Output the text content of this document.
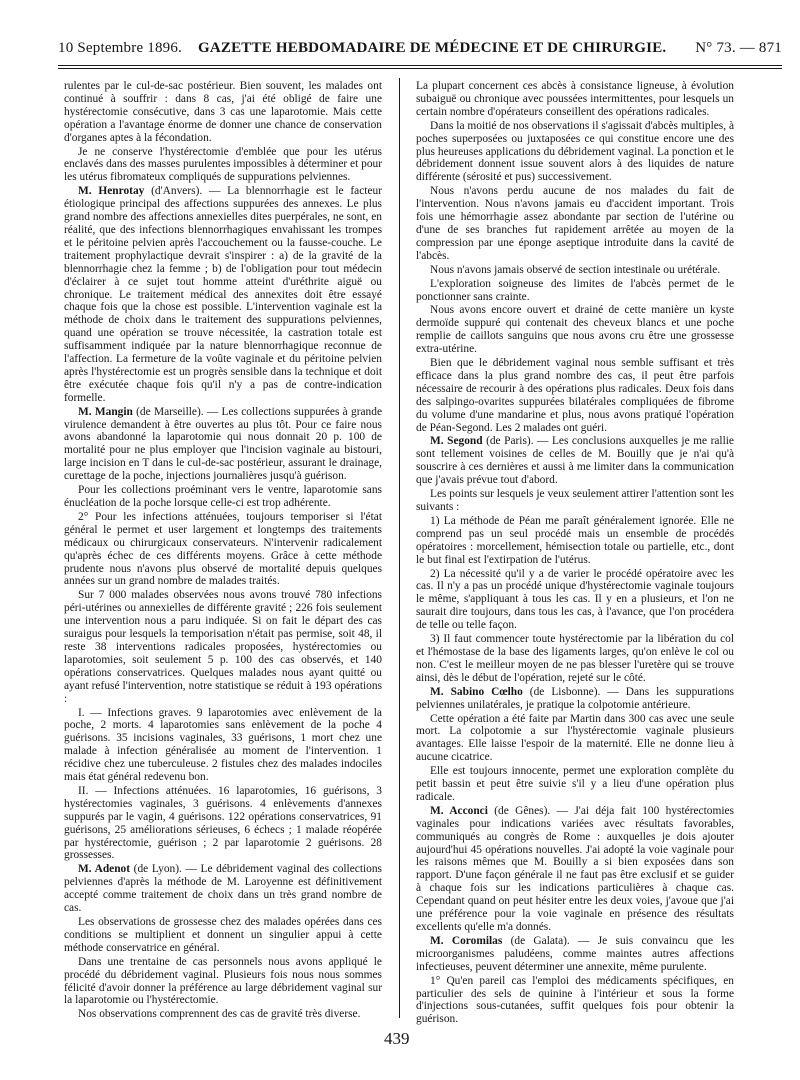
10 Septembre 1896. GAZETTE HEBDOMADAIRE DE MÉDECINE ET DE CHIRURGIE. N° 73. — 871

rulentes par le cul-de-sac postérieur. Bien souvent, les malades ont continué à souffrir : dans 8 cas, j'ai été obligé de faire une hystérectomie consécutive, dans 3 cas une laparotomie. Mais cette opération a l'avantage énorme de donner une chance de conservation d'organes aptes à la fécondation.

Je ne conserve l'hystérectomie d'emblée que pour les utérus enclavés dans des masses purulentes impossibles à déterminer et pour les utérus fibromateux compliqués de suppurations pelviennes.

M. Henrotay (d'Anvers). — La blennorrhagie est le facteur étiologique principal des affections suppurées des annexes. Le plus grand nombre des affections annexielles dites puerpérales, ne sont, en réalité, que des infections blennorrhagiques envahissant les trompes et le péritoine pelvien après l'accouchement ou la fausse-couche. Le traitement prophylactique devrait s'inspirer : a) de la gravité de la blennorrhagie chez la femme ; b) de l'obligation pour tout médecin d'éclairer à ce sujet tout homme atteint d'uréthrite aiguë ou chronique. Le traitement médical des annexites doit être essayé chaque fois que la chose est possible. L'intervention vaginale est la méthode de choix dans le traitement des suppurations pelviennes, quand une opération se trouve nécessitée, la castration totale est suffisamment indiquée par la nature blennorrhagique reconnue de l'affection. La fermeture de la voûte vaginale et du péritoine pelvien après l'hystérectomie est un progrès sensible dans la technique et doit être exécutée chaque fois qu'il n'y a pas de contre-indication formelle.

M. Mangin (de Marseille). — Les collections suppurées à grande virulence demandent à être ouvertes au plus tôt. Pour ce faire nous avons abandonné la laparotomie qui nous donnait 20 p. 100 de mortalité pour ne plus employer que l'incision vaginale au bistouri, large incision en T dans le cul-de-sac postérieur, assurant le drainage, curettage de la poche, injections journalières jusqu'à guérison.

Pour les collections proéminant vers le ventre, laparotomie sans énucléation de la poche lorsque celle-ci est trop adhérente.

2° Pour les infections atténuées, toujours temporiser si l'état général le permet et user largement et longtemps des traitements médicaux ou chirurgicaux conservateurs. N'intervenir radicalement qu'après échec de ces différents moyens. Grâce à cette méthode prudente nous n'avons plus observé de mortalité depuis quelques années sur un grand nombre de malades traités.

Sur 7 000 malades observées nous avons trouvé 780 infections péri-utérines ou annexielles de différente gravité ; 226 fois seulement une intervention nous a paru indiquée. Si on fait le départ des cas suraigus pour lesquels la temporisation n'était pas permise, soit 48, il reste 38 interventions radicales proposées, hystérectomies ou laparotomies, soit seulement 5 p. 100 des cas observés, et 140 opérations conservatrices. Quelques malades nous ayant quitté ou ayant refusé l'intervention, notre statistique se réduit à 193 opérations :

I. — Infections graves. 9 laparotomies avec enlèvement de la poche, 2 morts. 4 laparotomies sans enlèvement de la poche 4 guérisons. 35 incisions vaginales, 33 guérisons, 1 mort chez une malade à infection généralisée au moment de l'intervention. 1 récidive chez une tuberculeuse. 2 fistules chez des malades indociles mais état général redevenu bon.

II. — Infections atténuées. 16 laparotomies, 16 guérisons, 3 hystérectomies vaginales, 3 guérisons. 4 enlèvements d'annexes suppurés par le vagin, 4 guérisons. 122 opérations conservatrices, 91 guérisons, 25 améliorations sérieuses, 6 échecs ; 1 malade réopérée par hystérectomie, guérison ; 2 par laparotomie 2 guérisons. 28 grossesses.

M. Adenot (de Lyon). — Le débridement vaginal des collections pelviennes d'après la méthode de M. Laroyenne est définitivement accepté comme traitement de choix dans un très grand nombre de cas.

Les observations de grossesse chez des malades opérées dans ces conditions se multiplient et donnent un singulier appui à cette méthode conservatrice en général.

Dans une trentaine de cas personnels nous avons appliqué le procédé du débridement vaginal. Plusieurs fois nous nous sommes félicité d'avoir donner la préférence au large débridement vaginal sur la laparotomie ou l'hystérectomie.

Nos observations comprennent des cas de gravité très diverse.

La plupart concernent ces abcès à consistance ligneuse, à évolution subaiguë ou chronique avec poussées intermittentes, pour lesquels un certain nombre d'opérateurs conseillent des opérations radicales.

Dans la moitié de nos observations il s'agissait d'abcès multiples, à poches superposées ou juxtaposées ce qui constitue encore une des plus heureuses applications du débridement vaginal. La ponction et le débridement donnent issue souvent alors à des liquides de nature différente (sérosité et pus) successivement.

Nous n'avons perdu aucune de nos malades du fait de l'intervention. Nous n'avons jamais eu d'accident important. Trois fois une hémorrhagie assez abondante par section de l'utérine ou d'une de ses branches fut rapidement arrêtée au moyen de la compression par une éponge aseptique introduite dans la cavité de l'abcès.

Nous n'avons jamais observé de section intestinale ou urétérale.

L'exploration soigneuse des limites de l'abcès permet de le ponctionner sans crainte.

Nous avons encore ouvert et drainé de cette manière un kyste dermoïde suppuré qui contenait des cheveux blancs et une poche remplie de caillots sanguins que nous avons cru être une grossesse extra-utérine.

Bien que le débridement vaginal nous semble suffisant et très efficace dans la plus grand nombre des cas, il peut être parfois nécessaire de recourir à des opérations plus radicales. Deux fois dans des salpingo-ovarites suppurées bilatérales compliquées de fibrome du volume d'une mandarine et plus, nous avons pratiqué l'opération de Péan-Segond. Les 2 malades ont guéri.

M. Segond (de Paris). — Les conclusions auxquelles je me rallie sont tellement voisines de celles de M. Bouilly que je n'ai qu'à souscrire à ces dernières et aussi à me limiter dans la communication que j'avais prévue tout d'abord.

Les points sur lesquels je veux seulement attirer l'attention sont les suivants :

1) La méthode de Péan me paraît généralement ignorée. Elle ne comprend pas un seul procédé mais un ensemble de procédés opératoires : morcellement, hémisection totale ou partielle, etc., dont le but final est l'extirpation de l'utérus.

2) La nécessité qu'il y a de varier le procédé opératoire avec les cas. Il n'y a pas un procédé unique d'hystérectomie vaginale toujours le même, s'appliquant à tous les cas. Il y en a plusieurs, et l'on ne saurait dire toujours, dans tous les cas, à l'avance, que l'on procédera de telle ou telle façon.

3) Il faut commencer toute hystérectomie par la libération du col et l'hémostase de la base des ligaments larges, qu'on enlève le col ou non. C'est le meilleur moyen de ne pas blesser l'uretère qui se trouve ainsi, dès le début de l'opération, rejeté sur le côté.

M. Sabino Cœlho (de Lisbonne). — Dans les suppurations pelviennes unilatérales, je pratique la colpotomie antérieure.

Cette opération a été faite par Martin dans 300 cas avec une seule mort. La colpotomie a sur l'hystérectomie vaginale plusieurs avantages. Elle laisse l'espoir de la maternité. Elle ne donne lieu à aucune cicatrice.

Elle est toujours innocente, permet une exploration complète du petit bassin et peut être suivie s'il y a lieu d'une opération plus radicale.

M. Acconci (de Gênes). — J'ai déja fait 100 hystérectomies vaginales pour indications variées avec résultats favorables, communiqués au congrès de Rome : auxquelles je dois ajouter aujourd'hui 45 opérations nouvelles. J'ai adopté la voie vaginale pour les raisons mêmes que M. Bouilly a si bien exposées dans son rapport. D'une façon générale il ne faut pas être exclusif et se guider à chaque fois sur les indications particulières à chaque cas. Cependant quand on peut hésiter entre les deux voies, j'avoue que j'ai une préférence pour la voie vaginale en présence des résultats excellents qu'elle m'a donnés.

M. Coromilas (de Galata). — Je suis convaincu que les microorganismes paludéens, comme maintes autres affections infectieuses, peuvent déterminer une annexite, même purulente.

1° Qu'en pareil cas l'emploi des médicaments spécifiques, en particulier des sels de quinine à l'intérieur et sous la forme d'injections sous-cutanées, suffit quelques fois pour obtenir la guérison.

439
